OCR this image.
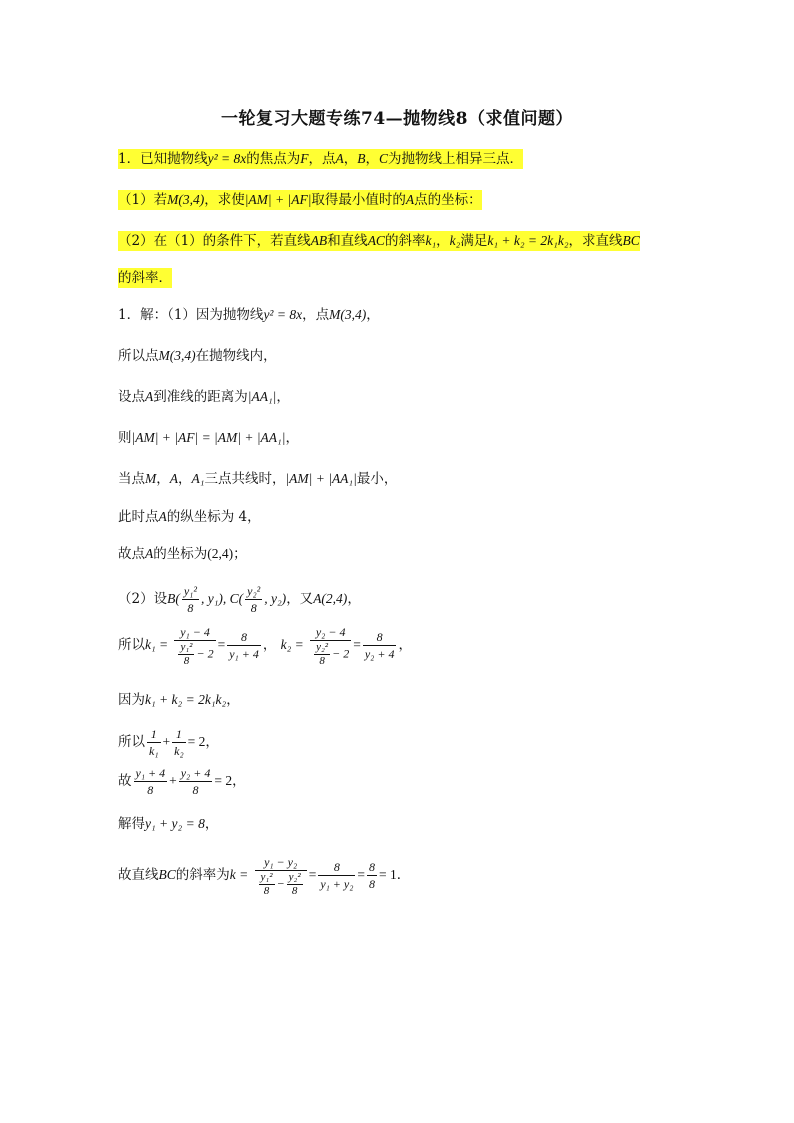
一轮复习大题专练74—抛物线8（求值问题）
1．已知抛物线y² = 8x的焦点为F，点A，B，C为抛物线上相异三点．
（1）若M(3,4)，求使|AM| + |AF|取得最小值时的A点的坐标：
（2）在（1）的条件下，若直线AB和直线AC的斜率k₁，k₂满足k₁ + k₂ = 2k₁k₂，求直线BC
的斜率．
1．解：（1）因为抛物线y² = 8x，点M(3,4)，
所以点M(3,4)在抛物线内，
设点A到准线的距离为|AA₁|，
则|AM| + |AF| = |AM| + |AA₁|，
当点M，A，A₁三点共线时，|AM| + |AA₁|最小，
此时点A的纵坐标为 4，
故点A的坐标为(2,4)；
（2）设$B( \frac{\text{y₁²}}{8}$ , y₁), $C( \frac{\text{y₂²}}{8}$ , y₂)，又A(2,4)，
所以$k_1 = \frac{\text{y₁ − 4}}{\frac{\text{y₁²}}{8} - 2} = \frac{8}{\text{y₁ + 4}}$ ， $k_2 = \frac{\text{y₂ − 4}}{\frac{\text{y₂²}}{8} - 2} = \frac{8}{\text{y₂ + 4}}$ ，
因为k₁ + k₂ = 2k₁k₂，
所以 $\frac{1}{\text{k₁}} + \frac{1}{\text{k₂}} = 2$，
故 $\frac{\text{y₁ + 4}}{8} + \frac{\text{y₂ + 4}}{8} = 2$，
解得y₁ + y₂ = 8，
故直线BC的斜率为$k = \frac{\text{y₁ − y₂}}{\frac{\text{y₁²}}{8} - \frac{\text{y₂²}}{8}} = \frac{8}{\text{y₁ + y₂}} = \frac{8}{8} = 1$．
